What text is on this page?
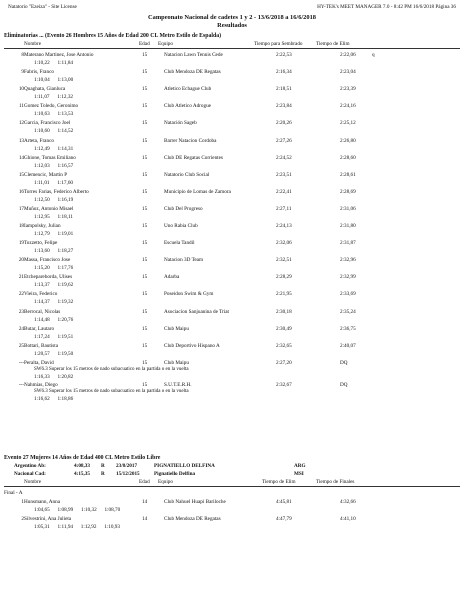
Natatorio "Ezeiza" - Site License	HY-TEK's MEET MANAGER 7.0 - 8:42 PM 16/6/2018 Página 36
Campeonato Nacional de cadetes 1 y 2 - 13/6/2018 a 16/6/2018
Resultados
Eliminatorias ... (Evento 26 Hombres 15 Años de Edad 200 CL Metro Estilo de Espalda)
Nombre	Edad Equipo	Tiempo para Sembrado	Tiempo de Elim
8 Materano Martinez, Jose Antonio	15	Natacion Lawn Tennis Cede	2:22,53	2:22,06	q
1:10,22      1:11,84
9 Fabris, Franco	15	Club Mendoza DE Regatas	2:16,34	2:23,04
1:10,04      1:13,00
10 Quaghata, Gianluca	15	Atletico Echague Club	2:18,51	2:23,39
1:11,07      1:12,32
11 Gomez Toledo, Geronimo	15	Club Atletico Adrogue	2:23,84	2:24,16
1:10,63      1:13,53
12 Garcia, Francisco Joel	15	Natación Sageb	2:20,26	2:25,12
1:10,60      1:14,52
13 Arteta, Franco	15	Barrer Natacion Cordoba	2:27,26	2:26,80
1:12,49      1:14,31
14 Ghione, Tomas Emiliano	15	Club DE Regatas Corrientes	2:24,52	2:28,60
1:12,03      1:16,57
15 Clemencic, Martin P	15	Natatorio Club Social	2:23,51	2:28,61
1:11,01      1:17,60
16 Torres Farias, Federico Alberto	15	Municipio de Lomas de Zamora	2:22,41	2:28,69
1:12,50      1:16,19
17 Muñoz, Antonio Misael	15	Club Del Progreso	2:27,11	2:31,06
1:12,95      1:18,11
18 Iampolsky, Julian	15	Uno Rabia Club	2:24,13	2:31,80
1:12,79      1:19,01
19 Tozzetto, Felipe	15	Escuela Tandil	2:32,06	2:31,87
1:13,60      1:18,27
20 Massa, Francisco Jose	15	Natacion 3D Team	2:32,51	2:32,96
1:15,20      1:17,76
21 Etchepareborda, Ulises	15	Adarba	2:28,29	2:32,99
1:13,37      1:19,62
22 Vieira, Federico	15	Poseidon Swim & Gym	2:21,95	2:33,69
1:14,37      1:19,32
23 Berrocal, Nicolas	15	Asociacion Sanjuanina de Triat	2:30,18	2:35,24
1:14,48      1:20,76
24 Butar, Lautaro	15	Club Maipu	2:30,49	2:36,75
1:17,24      1:19,51
25 Bottari, Bautista	15	Club Deportivo Hispano A	2:32,65	2:40,07
1:20,57      1:19,50
--- Peralta, David	15	Club Maipu	2:27,20	DQ
SW6.3 Superar los 15 metros de nado subacuatico en la partida o en la vuelta
1:16,33      1:20,82
--- Nahmias, Diego	15	S.U.T.E.R.H.	2:32,67	DQ
SW6.3 Superar los 15 metros de nado subacuatico en la partida o en la vuelta
1:16,62      1:18,86
Evento 27 Mujeres 14 Años de Edad 400 CL Metro Estilo Libre
Argentino Ab:	4:08,33 R 23/8/2017	PIGNATIELLO DELFINA	ARG
Nacional Cad:	4:15,35 R 15/12/2015	Pignatiello Delfina	MSI
Nombre	Edad Equipo	Tiempo de Elim	Tiempo de Finales
Final - A
1 Hunsmann, Anna	14	Club Nahuel Huapi Bariloche	4:45,81	4:32,66
1:04,65      1:08,99      1:10,32      1:08,70
2 Silvestrini, Ana Julieta	14	Club Mendoza DE Regatas	4:47,79	4:41,10
1:05,31      1:11,94      1:12,92      1:10,93
